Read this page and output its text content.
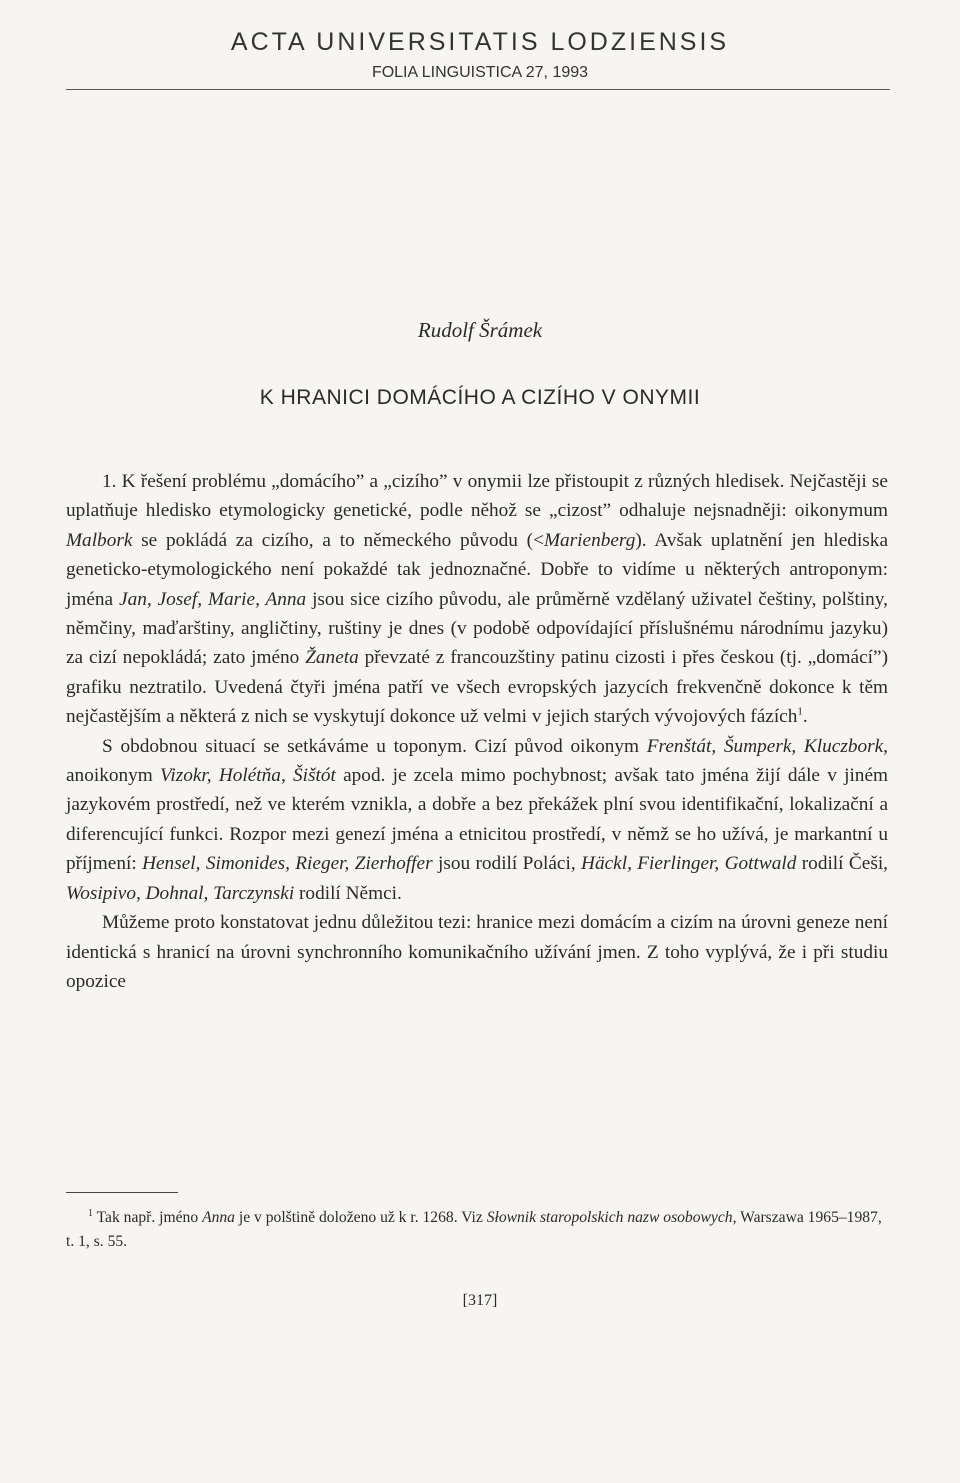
ACTA UNIVERSITATIS LODZIENSIS
FOLIA LINGUISTICA 27, 1993
Rudolf Šrámek
K HRANICI DOMÁCÍHO A CIZÍHO V ONYMII

1. K řešení problému „domácího” a „cizího” v onymii lze přistoupit z různých hledisek. Nejčastěji se uplatňuje hledisko etymologicky genetické, podle něhož se „cizost” odhaluje nejsnadněji: oikonymum Malbork se pokládá za cizího, a to německého původu (<Marienberg). Avšak uplatnění jen hlediska geneticko-etymologického není pokaždé tak jednoznačné. Dobře to vidíme u některých antroponym: jména Jan, Josef, Marie, Anna jsou sice cizího původu, ale průměrně vzdělaný uživatel češtiny, polštiny, němčiny, maďarštiny, angličtiny, ruštiny je dnes (v podobě odpovídající příslušnému národnímu jazyku) za cizí nepokládá; zato jméno Žaneta převzaté z francouzštiny patinu cizosti i přes českou (tj. „domácí”) grafiku neztratilo. Uvedená čtyři jména patří ve všech evropských jazycích frekvenčně dokonce k těm nejčastějším a některá z nich se vyskytují dokonce už velmi v jejich starých vývojových fázích$^1$.

S obdobnou situací se setkáváme u toponym. Cizí původ oikonym Frenštát, Šumperk, Kluczbork, anoikonym Vizokr, Holétňa, Šištót apod. je zcela mimo pochybnost; avšak tato jména žijí dále v jiném jazykovém prostředí, než ve kterém vznikla, a dobře a bez překážek plní svou identifikační, lokalizační a diferencující funkci. Rozpor mezi genezí jména a etnicitou prostředí, v němž se ho užívá, je markantní u příjmení: Hensel, Simonides, Rieger, Zierhoffer jsou rodilí Poláci, Häckl, Fierlinger, Gottwald rodilí Češi, Wosipivo, Dohnal, Tarczynski rodilí Němci.

Můžeme proto konstatovat jednu důležitou tezi: hranice mezi domácím a cizím na úrovni geneze není identická s hranicí na úrovni synchronního komunikačního užívání jmen. Z toho vyplývá, že i při studiu opozice

$^1$ Tak např. jméno Anna je v polštině doloženo už k r. 1268. Viz Słownik staropolskich nazw osobowych, Warszawa 1965–1987, t. 1, s. 55.
[317]
